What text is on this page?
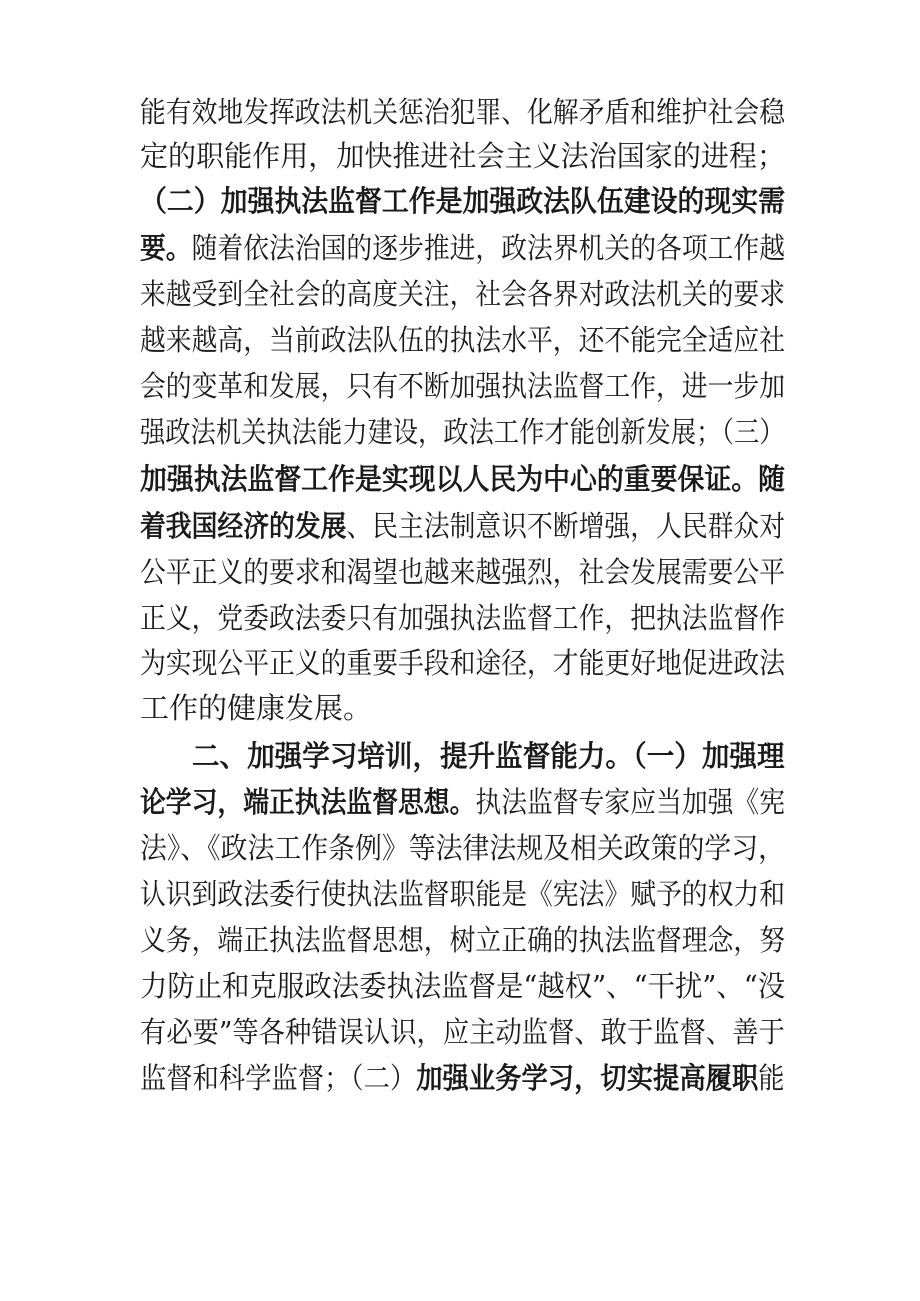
能有效地发挥政法机关惩治犯罪、化解矛盾和维护社会稳
定的职能作用，加快推进社会主义法治国家的进程；
（二）加强执法监督工作是加强政法队伍建设的现实需
要。随着依法治国的逐步推进，政法界机关的各项工作越
来越受到全社会的高度关注，社会各界对政法机关的要求
越来越高，当前政法队伍的执法水平，还不能完全适应社
会的变革和发展，只有不断加强执法监督工作，进一步加
强政法机关执法能力建设，政法工作才能创新发展；（三）
加强执法监督工作是实现以人民为中心的重要保证。随
着我国经济的发展、民主法制意识不断增强，人民群众对
公平正义的要求和渴望也越来越强烈，社会发展需要公平
正义，党委政法委只有加强执法监督工作，把执法监督作
为实现公平正义的重要手段和途径，才能更好地促进政法
工作的健康发展。
二、加强学习培训，提升监督能力。（一）加强理
论学习，端正执法监督思想。执法监督专家应当加强《宪
法》、《政法工作条例》等法律法规及相关政策的学习，
认识到政法委行使执法监督职能是《宪法》赋予的权力和
义务，端正执法监督思想，树立正确的执法监督理念，努
力防止和克服政法委执法监督是“越权”、“干扰”、“没
有必要”等各种错误认识，应主动监督、敢于监督、善于
监督和科学监督；（二）加强业务学习，切实提高履职能
